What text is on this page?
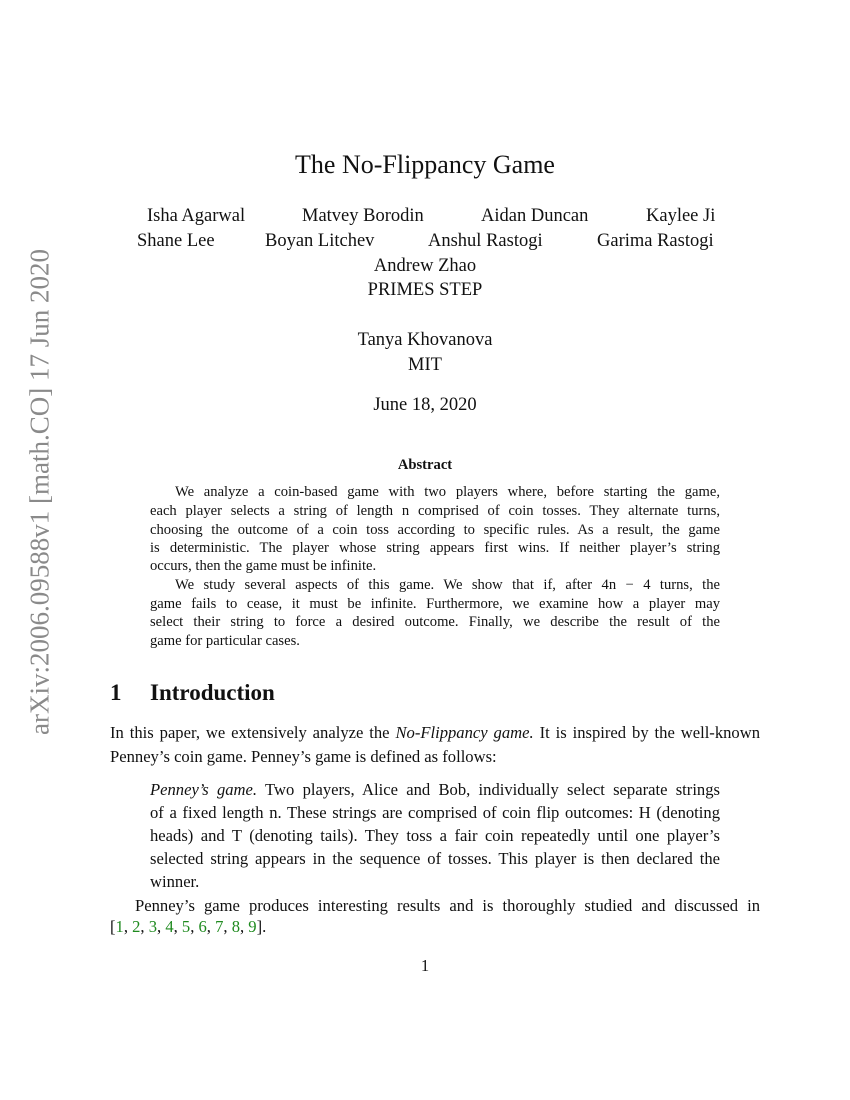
arXiv:2006.09588v1 [math.CO] 17 Jun 2020
The No-Flippancy Game
Isha Agarwal	Matvey Borodin	Aidan Duncan	Kaylee Ji
Shane Lee	Boyan Litchev	Anshul Rastogi	Garima Rastogi
Andrew Zhao
PRIMES STEP
Tanya Khovanova
MIT
June 18, 2020
Abstract
We analyze a coin-based game with two players where, before starting the game,
each player selects a string of length n comprised of coin tosses. They alternate turns,
choosing the outcome of a coin toss according to specific rules. As a result, the game
is deterministic. The player whose string appears first wins. If neither player’s string
occurs, then the game must be infinite.
We study several aspects of this game. We show that if, after 4n − 4 turns, the
game fails to cease, it must be infinite. Furthermore, we examine how a player may
select their string to force a desired outcome. Finally, we describe the result of the
game for particular cases.
1 Introduction
In this paper, we extensively analyze the No-Flippancy game. It is inspired by the well-known
Penney’s coin game. Penney’s game is defined as follows:
Penney’s game. Two players, Alice and Bob, individually select separate strings
of a fixed length n. These strings are comprised of coin flip outcomes: H (denoting
heads) and T (denoting tails). They toss a fair coin repeatedly until one player’s
selected string appears in the sequence of tosses. This player is then declared the
winner.
Penney’s game produces interesting results and is thoroughly studied and discussed in
[1, 2, 3, 4, 5, 6, 7, 8, 9].
1
